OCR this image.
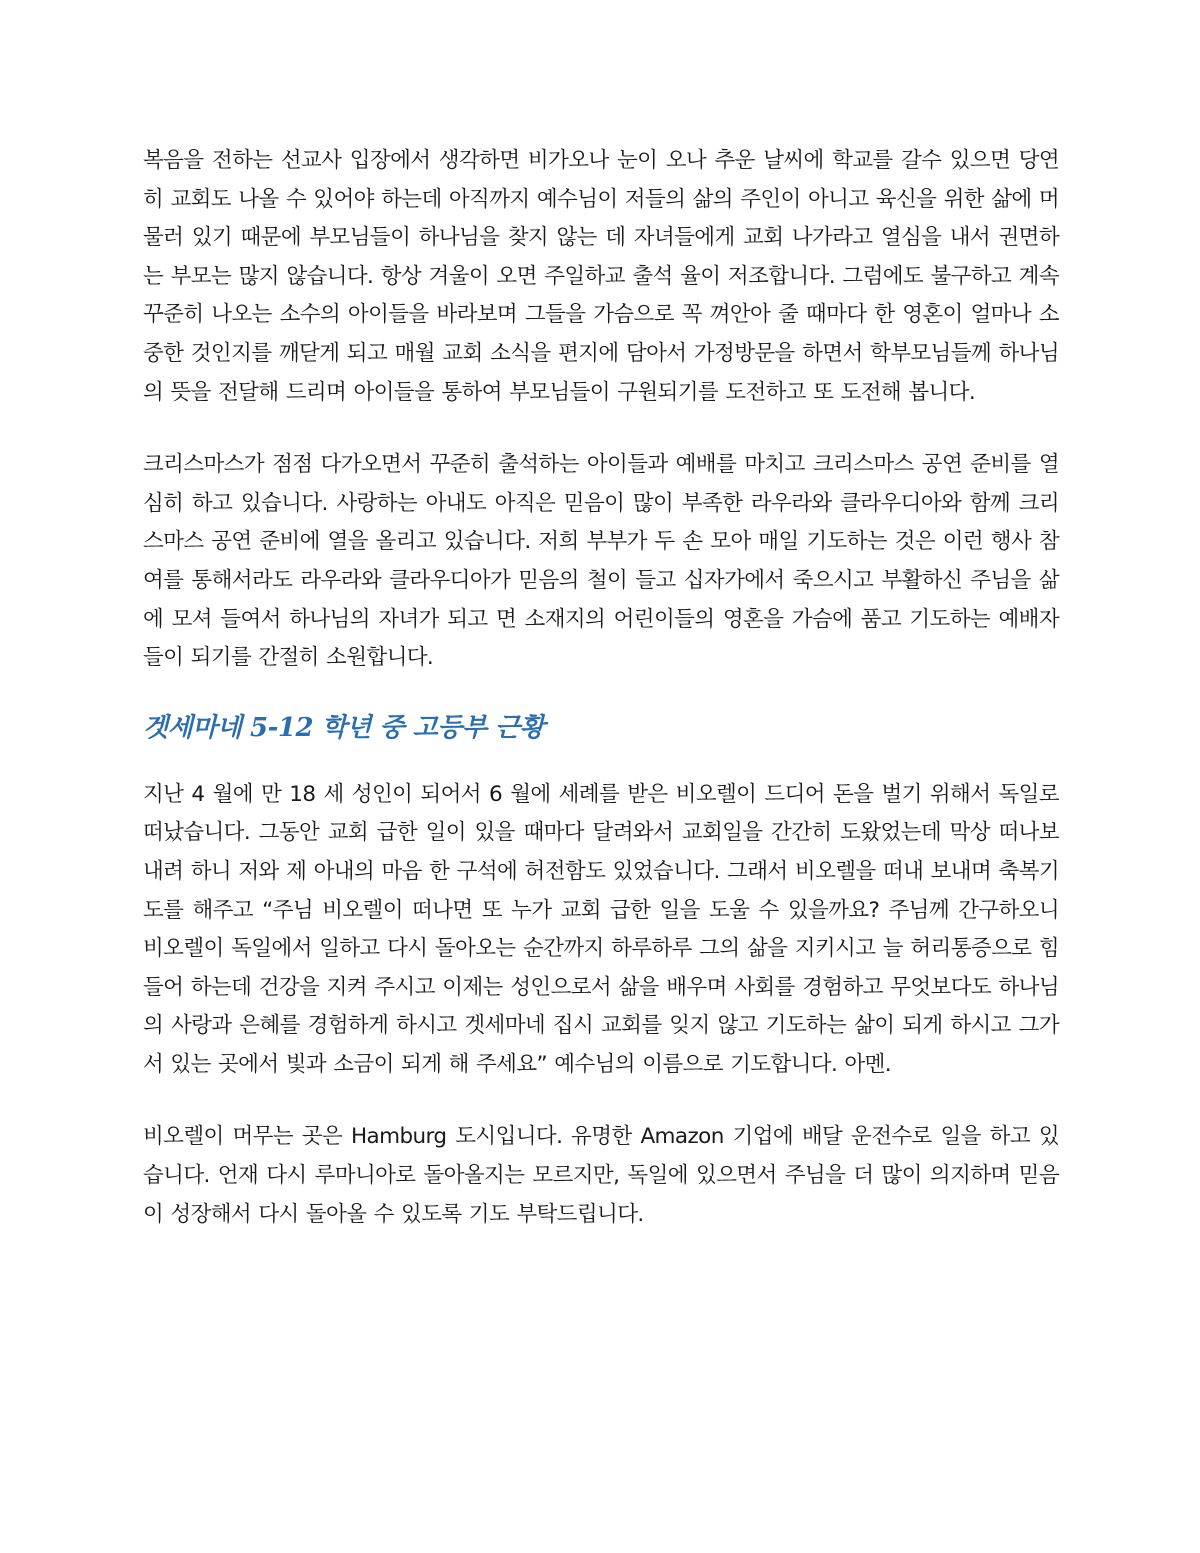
복음을 전하는 선교사 입장에서 생각하면 비가오나 눈이 오나 추운 날씨에 학교를 갈수 있으면 당연히 교회도 나올 수 있어야 하는데 아직까지 예수님이 저들의 삶의 주인이 아니고 육신을 위한 삶에 머물러 있기 때문에 부모님들이 하나님을 찾지 않는 데 자녀들에게 교회 나가라고 열심을 내서 권면하는 부모는 많지 않습니다. 항상 겨울이 오면 주일하교 출석 율이 저조합니다. 그럼에도 불구하고 계속 꾸준히 나오는 소수의 아이들을 바라보며 그들을 가슴으로 꼭 껴안아 줄 때마다 한 영혼이 얼마나 소중한 것인지를 깨닫게 되고 매월 교회 소식을 편지에 담아서 가정방문을 하면서 학부모님들께 하나님의 뜻을 전달해 드리며 아이들을 통하여 부모님들이 구원되기를 도전하고 또 도전해 봅니다.

크리스마스가 점점 다가오면서 꾸준히 출석하는 아이들과 예배를 마치고 크리스마스 공연 준비를 열심히 하고 있습니다. 사랑하는 아내도 아직은 믿음이 많이 부족한 라우라와 클라우디아와 함께 크리스마스 공연 준비에 열을 올리고 있습니다. 저희 부부가 두 손 모아 매일 기도하는 것은 이런 행사 참여를 통해서라도 라우라와 클라우디아가 믿음의 철이 들고 십자가에서 죽으시고 부활하신 주님을 삶에 모셔 들여서 하나님의 자녀가 되고 면 소재지의 어린이들의 영혼을 가슴에 품고 기도하는 예배자들이 되기를 간절히 소원합니다.

겟세마네 5-12 학년 중 고등부 근황

지난 4 월에 만 18 세 성인이 되어서 6 월에 세례를 받은 비오렐이 드디어 돈을 벌기 위해서 독일로 떠났습니다. 그동안 교회 급한 일이 있을 때마다 달려와서 교회일을 간간히 도왔었는데 막상 떠나보내려 하니 저와 제 아내의 마음 한 구석에 허전함도 있었습니다. 그래서 비오렐을 떠내 보내며 축복기도를 해주고 “주님 비오렐이 떠나면 또 누가 교회 급한 일을 도울 수 있을까요? 주님께 간구하오니 비오렐이 독일에서 일하고 다시 돌아오는 순간까지 하루하루 그의 삶을 지키시고 늘 허리통증으로 힘들어 하는데 건강을 지켜 주시고 이제는 성인으로서 삶을 배우며 사회를 경험하고 무엇보다도 하나님의 사랑과 은혜를 경험하게 하시고 겟세마네 집시 교회를 잊지 않고 기도하는 삶이 되게 하시고 그가 서 있는 곳에서 빛과 소금이 되게 해 주세요” 예수님의 이름으로 기도합니다. 아멘.

비오렐이 머무는 곳은 Hamburg 도시입니다. 유명한 Amazon 기업에 배달 운전수로 일을 하고 있습니다. 언재 다시 루마니아로 돌아올지는 모르지만, 독일에 있으면서 주님을 더 많이 의지하며 믿음이 성장해서 다시 돌아올 수 있도록 기도 부탁드립니다.
